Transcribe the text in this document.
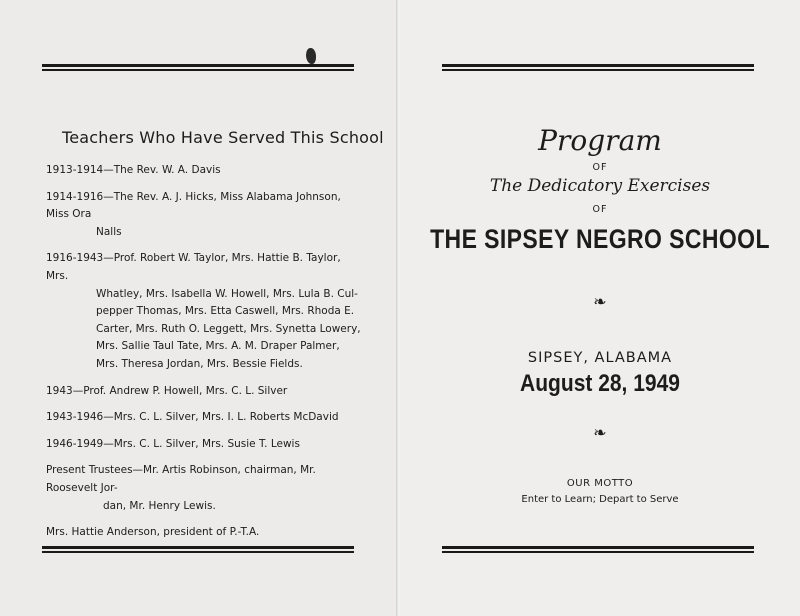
Teachers Who Have Served This School
1913-1914—The Rev. W. A. Davis
1914-1916—The Rev. A. J. Hicks, Miss Alabama Johnson, Miss Ora
Nalls
1916-1943—Prof. Robert W. Taylor, Mrs. Hattie B. Taylor, Mrs.
Whatley, Mrs. Isabella W. Howell, Mrs. Lula B. Cul-
pepper Thomas, Mrs. Etta Caswell, Mrs. Rhoda E.
Carter, Mrs. Ruth O. Leggett, Mrs. Synetta Lowery,
Mrs. Sallie Taul Tate, Mrs. A. M. Draper Palmer,
Mrs. Theresa Jordan, Mrs. Bessie Fields.
1943—Prof. Andrew P. Howell, Mrs. C. L. Silver
1943-1946—Mrs. C. L. Silver, Mrs. I. L. Roberts McDavid
1946-1949—Mrs. C. L. Silver, Mrs. Susie T. Lewis
Present Trustees—Mr. Artis Robinson, chairman, Mr. Roosevelt Jor-
dan, Mr. Henry Lewis.
Mrs. Hattie Anderson, president of P.-T.A.
Program
OF
The Dedicatory Exercises
OF
THE SIPSEY NEGRO SCHOOL
❧
SIPSEY, ALABAMA
August 28, 1949
❧
OUR MOTTO
Enter to Learn; Depart to Serve
